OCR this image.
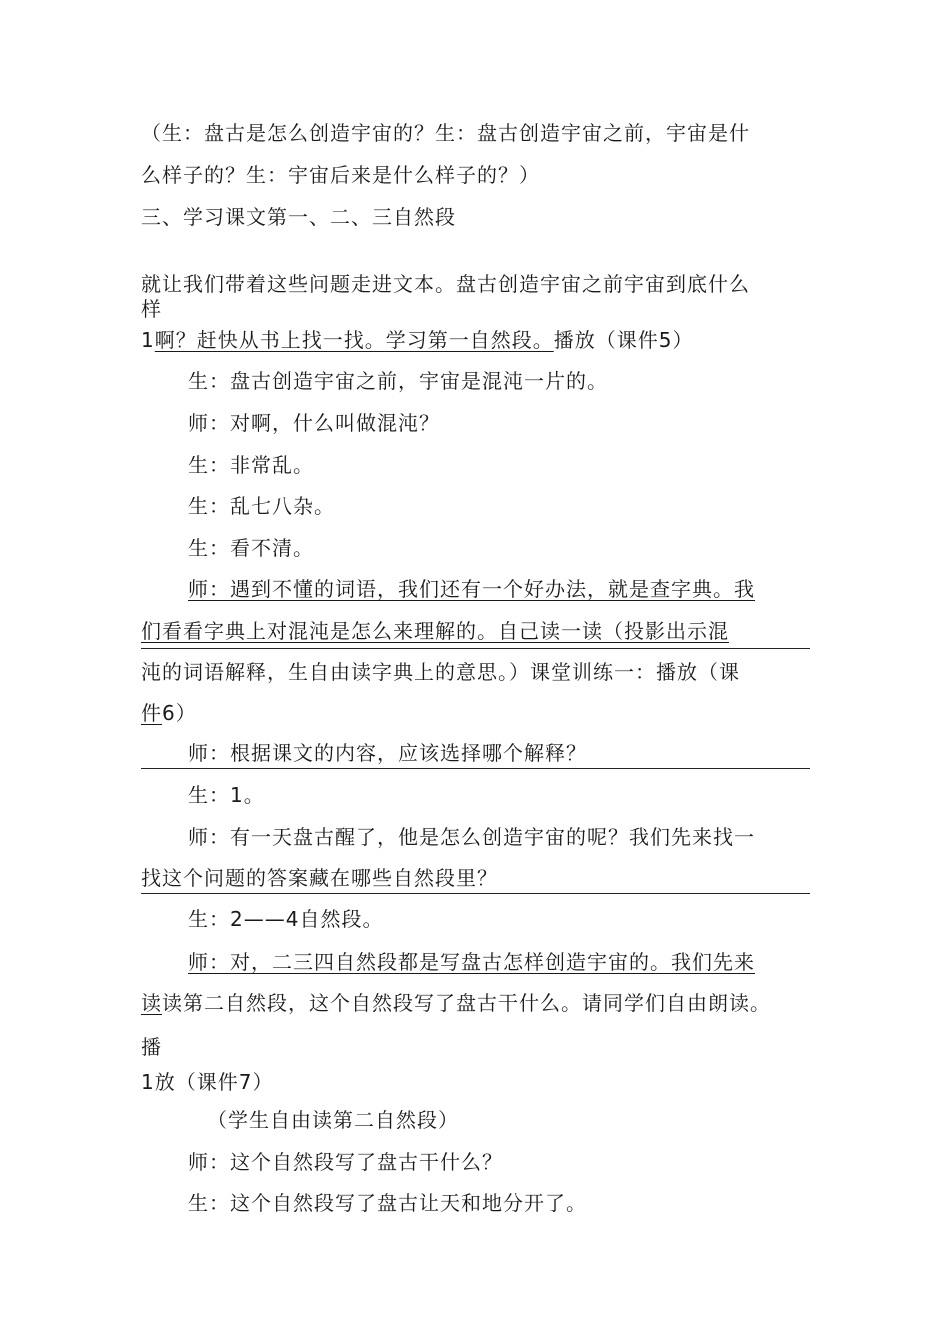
（生：盘古是怎么创造宇宙的？生：盘古创造宇宙之前，宇宙是什
么样子的？生：宇宙后来是什么样子的？）
三、学习课文第一、二、三自然段
就让我们带着这些问题走进文本。盘古创造宇宙之前宇宙到底什么
样
1啊？赶快从书上找一找。学习第一自然段。播放（课件5）
生：盘古创造宇宙之前，宇宙是混沌一片的。
师：对啊，什么叫做混沌？
生：非常乱。
生：乱七八杂。
生：看不清。
师：遇到不懂的词语，我们还有一个好办法，就是查字典。我
们看看字典上对混沌是怎么来理解的。自己读一读（投影出示混
沌的词语解释，生自由读字典上的意思。）课堂训练一：播放（课
件6）
师：根据课文的内容，应该选择哪个解释？
生：1。
师：有一天盘古醒了，他是怎么创造宇宙的呢？我们先来找一
找这个问题的答案藏在哪些自然段里？
生：2——4自然段。
师：对，二三四自然段都是写盘古怎样创造宇宙的。我们先来
读读第二自然段，这个自然段写了盘古干什么。请同学们自由朗读。
播
1放（课件7）
（学生自由读第二自然段）
师：这个自然段写了盘古干什么？
生：这个自然段写了盘古让天和地分开了。
